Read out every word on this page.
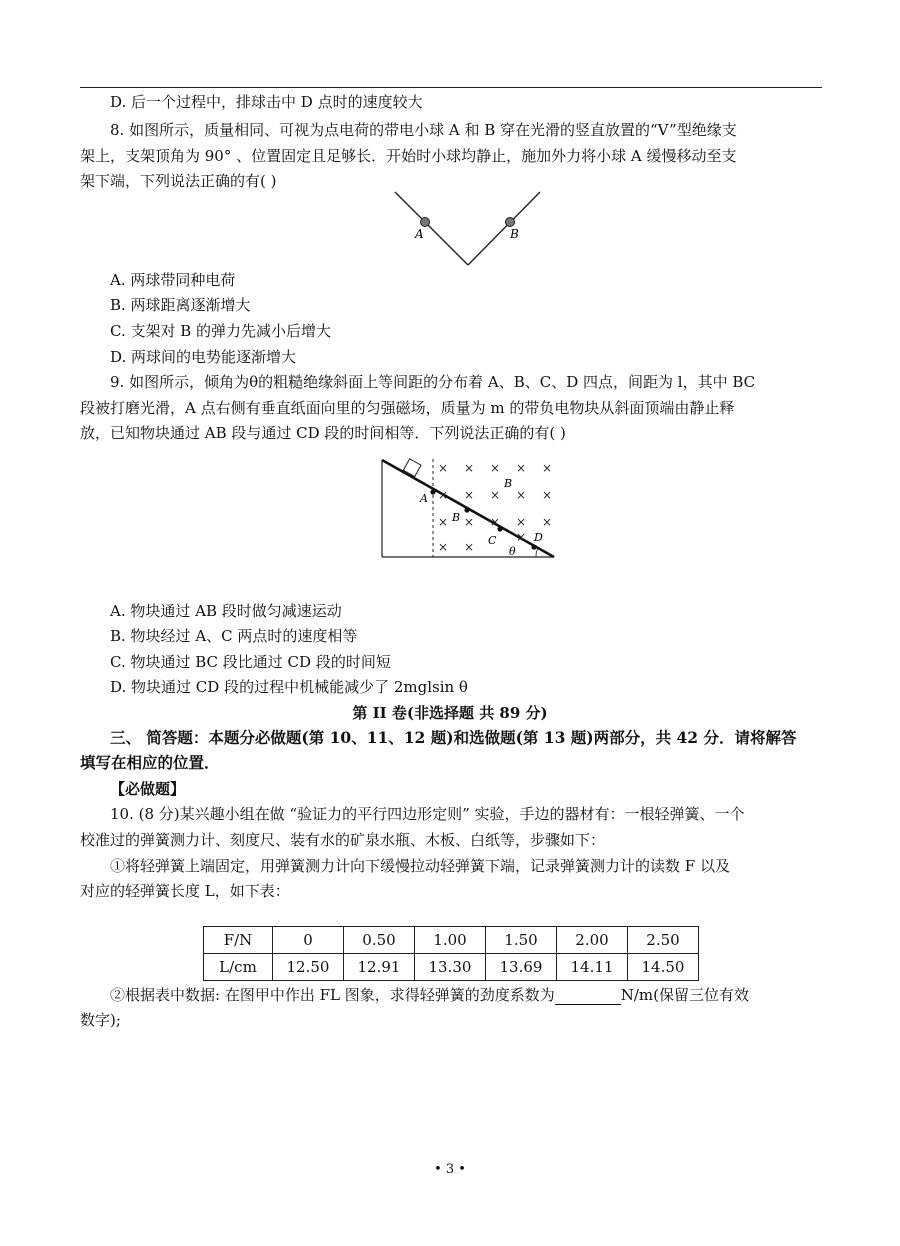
D. 后一个过程中，排球击中 D 点时的速度较大
8. 如图所示，质量相同、可视为点电荷的带电小球 A 和 B 穿在光滑的竖直放置的“V”型绝缘支
架上，支架顶角为 90° 、位置固定且足够长．开始时小球均静止，施加外力将小球 A 缓慢移动至支
架下端，下列说法正确的有( )
A	B
A. 两球带同种电荷
B. 两球距离逐渐增大
C. 支架对 B 的弹力先减小后增大
D. 两球间的电势能逐渐增大
9. 如图所示，倾角为θ的粗糙绝缘斜面上等间距的分布着 A、B、C、D 四点，间距为 l，其中 BC
段被打磨光滑，A 点右侧有垂直纸面向里的匀强磁场，质量为 m 的带负电物块从斜面顶端由静止释
放，已知物块通过 AB 段与通过 CD 段的时间相等．下列说法正确的有( )
A
B
B
C	D
θ
× × × × ×
× × × × ×
× × × × ×
× ×
×
A. 物块通过 AB 段时做匀减速运动
B. 物块经过 A、C 两点时的速度相等
C. 物块通过 BC 段比通过 CD 段的时间短
D. 物块通过 CD 段的过程中机械能减少了 2mglsin θ
第 II 卷(非选择题 共 89 分)
三、 简答题：本题分必做题(第 10、11、12 题)和选做题(第 13 题)两部分，共 42 分．请将解答
填写在相应的位置．
【必做题】
10. (8 分)某兴趣小组在做 “验证力的平行四边形定则” 实验，手边的器材有：一根轻弹簧、一个
校准过的弹簧测力计、刻度尺、装有水的矿泉水瓶、木板、白纸等，步骤如下：
①将轻弹簧上端固定，用弹簧测力计向下缓慢拉动轻弹簧下端，记录弹簧测力计的读数 F 以及
对应的轻弹簧长度 L，如下表：
F/N	0	0.50	1.00	1.50	2.00	2.50
L/cm	12.50	12.91	13.30	13.69	14.11	14.50
②根据表中数据: 在图甲中作出 FL 图象，求得轻弹簧的劲度系数为	N/m(保留三位有效
数字);
• 3 •
